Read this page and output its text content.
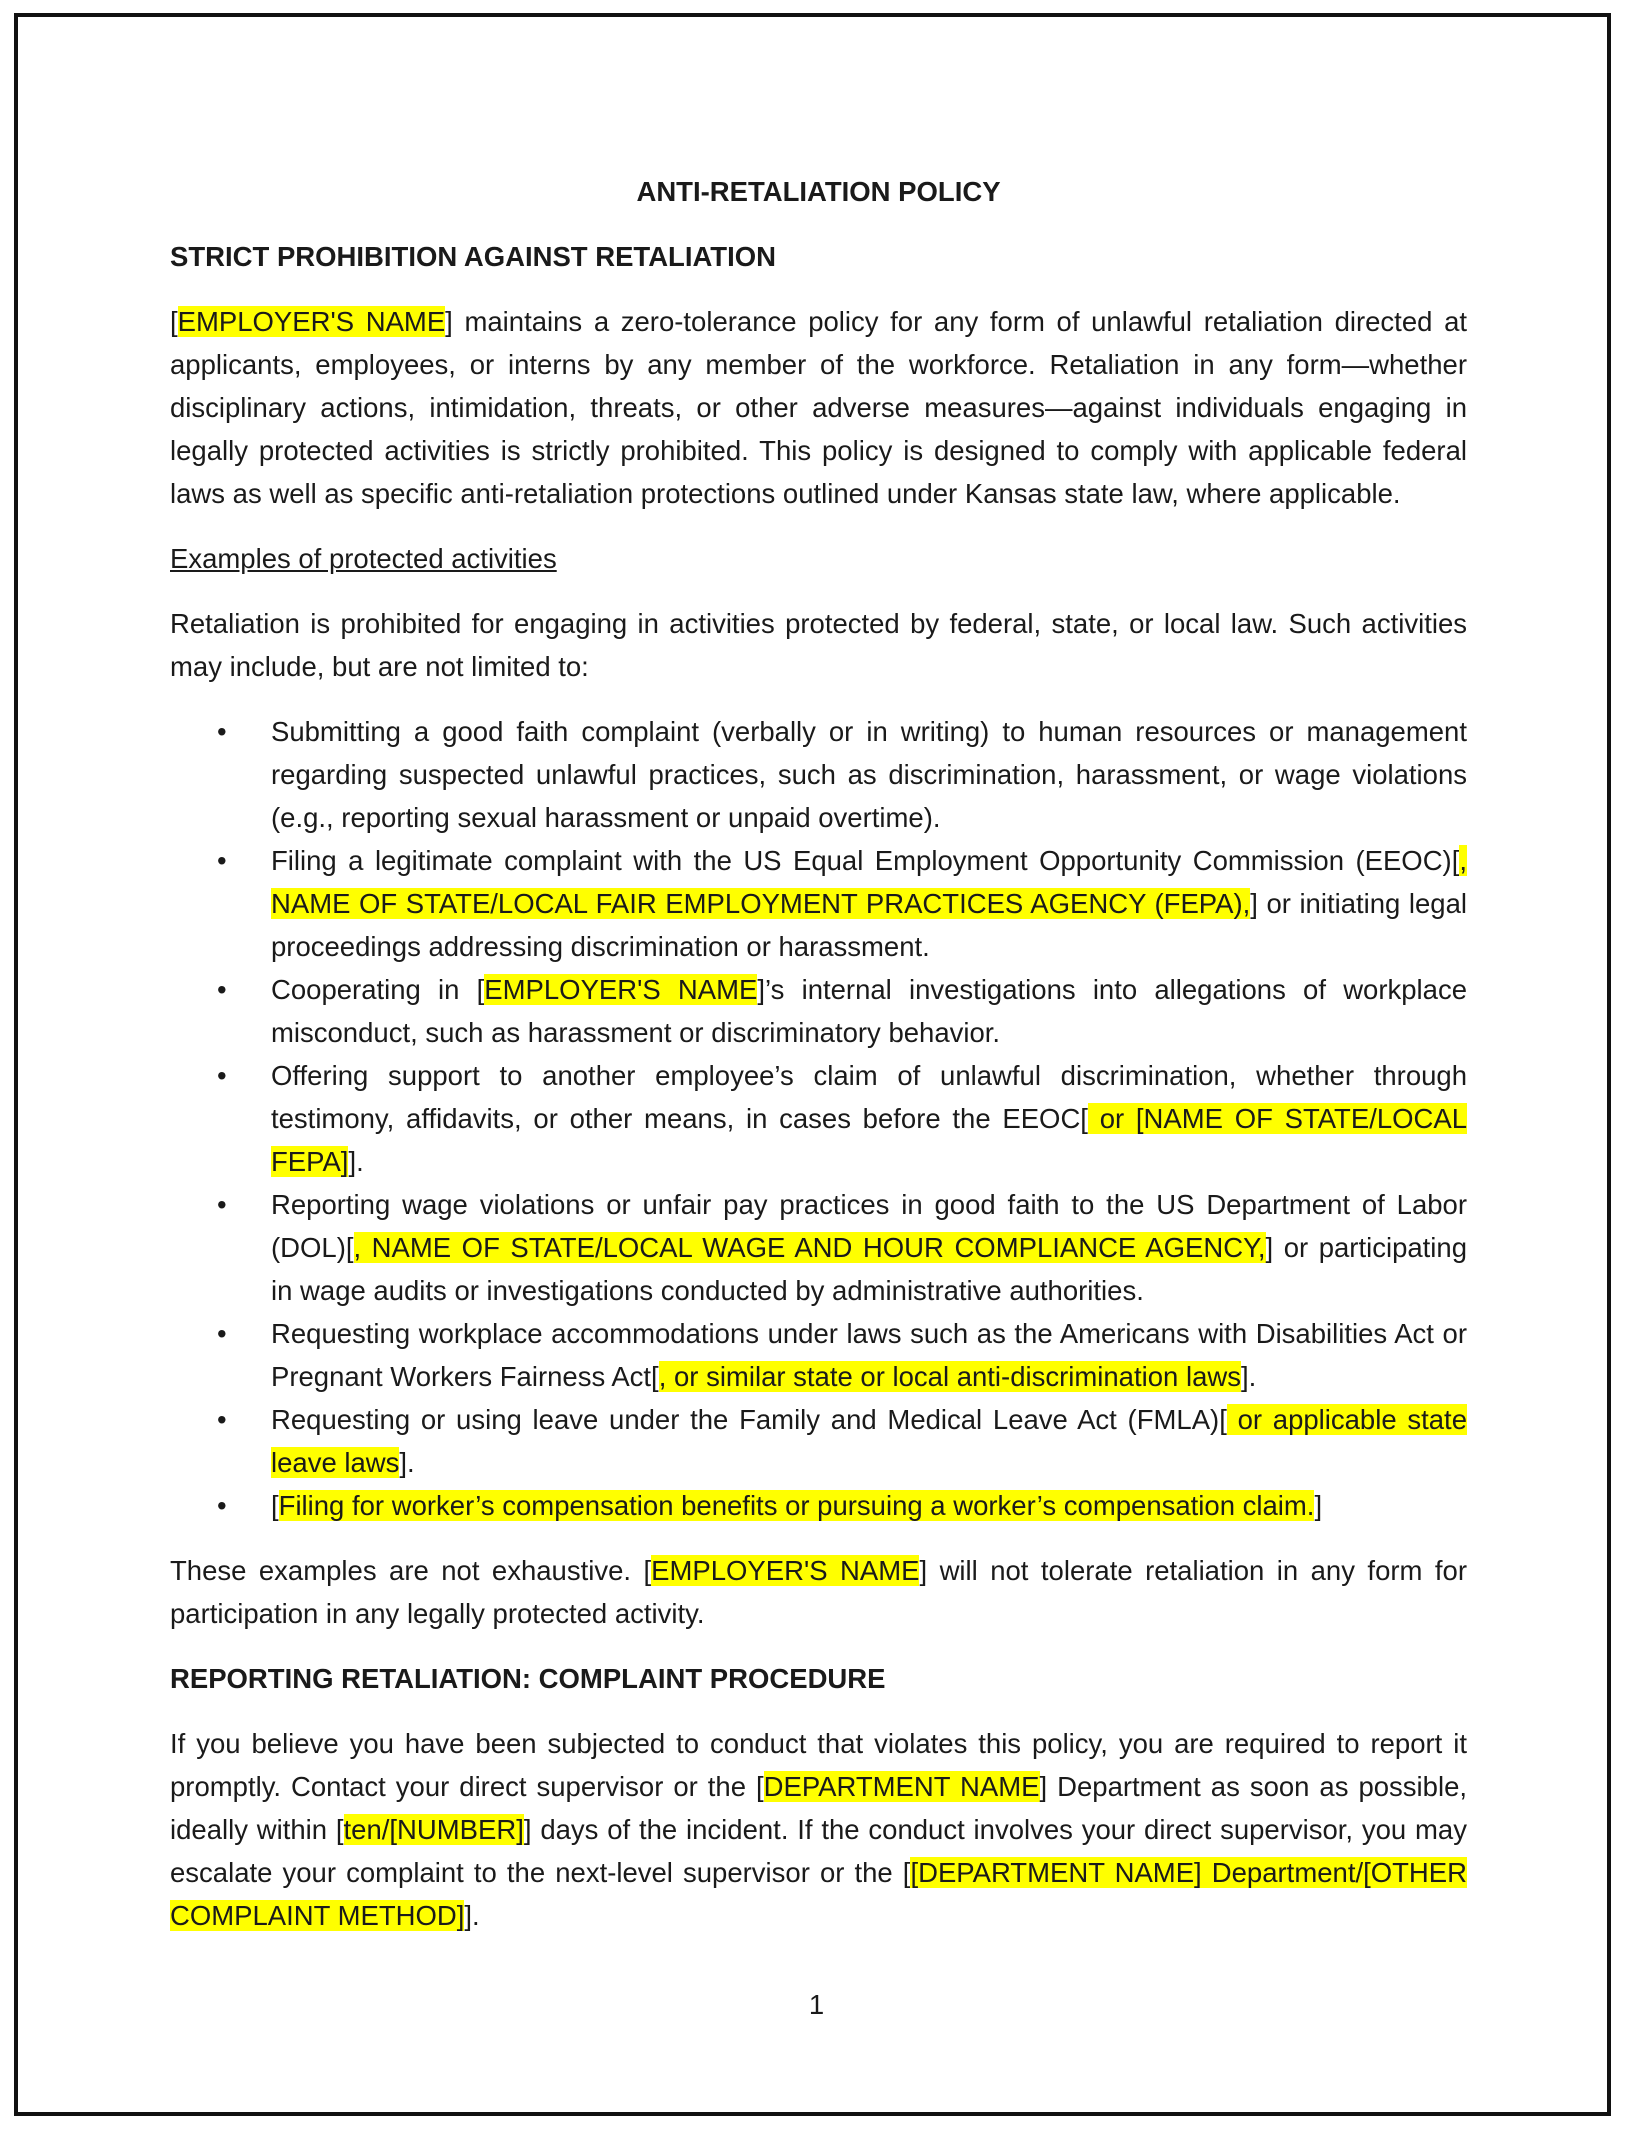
ANTI-RETALIATION POLICY
STRICT PROHIBITION AGAINST RETALIATION

[EMPLOYER'S NAME] maintains a zero-tolerance policy for any form of unlawful retaliation directed at applicants, employees, or interns by any member of the workforce. Retaliation in any form—whether disciplinary actions, intimidation, threats, or other adverse measures—against individuals engaging in legally protected activities is strictly prohibited. This policy is designed to comply with applicable federal laws as well as specific anti-retaliation protections outlined under Kansas state law, where applicable.

Examples of protected activities

Retaliation is prohibited for engaging in activities protected by federal, state, or local law. Such activities may include, but are not limited to:

• Submitting a good faith complaint (verbally or in writing) to human resources or management regarding suspected unlawful practices, such as discrimination, harassment, or wage violations (e.g., reporting sexual harassment or unpaid overtime).
• Filing a legitimate complaint with the US Equal Employment Opportunity Commission (EEOC)[, NAME OF STATE/LOCAL FAIR EMPLOYMENT PRACTICES AGENCY (FEPA),] or initiating legal proceedings addressing discrimination or harassment.
• Cooperating in [EMPLOYER'S NAME]’s internal investigations into allegations of workplace misconduct, such as harassment or discriminatory behavior.
• Offering support to another employee’s claim of unlawful discrimination, whether through testimony, affidavits, or other means, in cases before the EEOC[ or [NAME OF STATE/LOCAL FEPA]].
• Reporting wage violations or unfair pay practices in good faith to the US Department of Labor (DOL)[, NAME OF STATE/LOCAL WAGE AND HOUR COMPLIANCE AGENCY,] or participating in wage audits or investigations conducted by administrative authorities.
• Requesting workplace accommodations under laws such as the Americans with Disabilities Act or Pregnant Workers Fairness Act[, or similar state or local anti-discrimination laws].
• Requesting or using leave under the Family and Medical Leave Act (FMLA)[ or applicable state leave laws].
• [Filing for worker’s compensation benefits or pursuing a worker’s compensation claim.]

These examples are not exhaustive. [EMPLOYER'S NAME] will not tolerate retaliation in any form for participation in any legally protected activity.

REPORTING RETALIATION: COMPLAINT PROCEDURE

If you believe you have been subjected to conduct that violates this policy, you are required to report it promptly. Contact your direct supervisor or the [DEPARTMENT NAME] Department as soon as possible, ideally within [ten/[NUMBER]] days of the incident. If the conduct involves your direct supervisor, you may escalate your complaint to the next-level supervisor or the [[DEPARTMENT NAME] Department/[OTHER COMPLAINT METHOD]].

1
